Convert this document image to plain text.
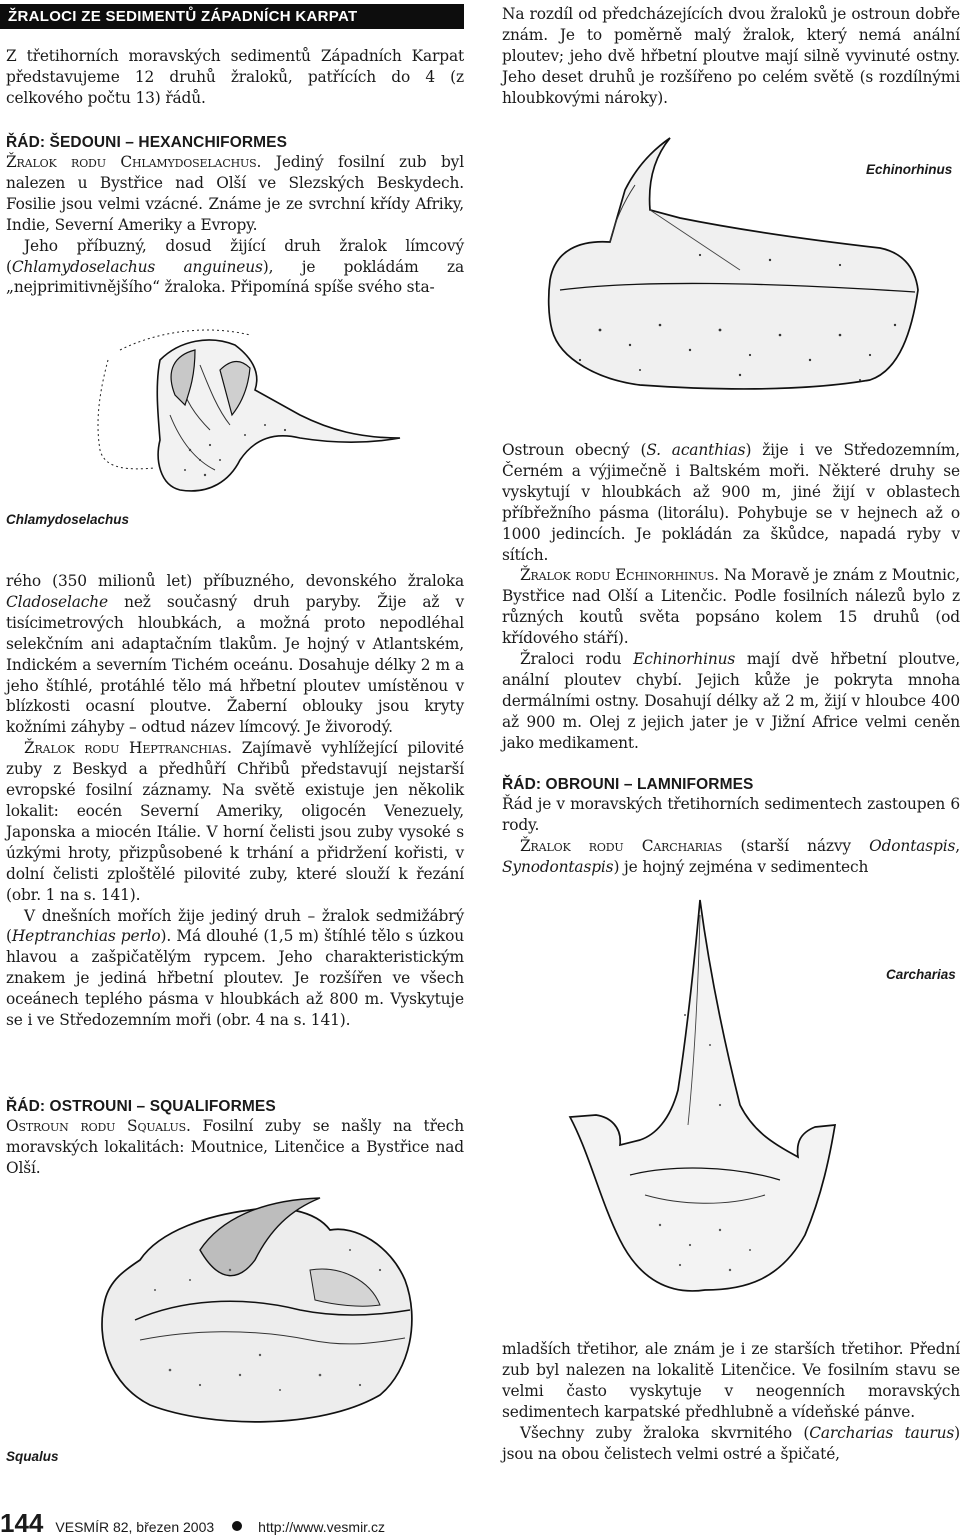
ŽRALOCI ZE SEDIMENTŮ ZÁPADNÍCH KARPAT

Z třetihorních moravských sedimentů Západních Karpat představujeme 12 druhů žraloků, patřících do 4 (z celkového počtu 13) řádů.

ŘÁD: ŠEDOUNI – HEXANCHIFORMES

Žralok rodu Chlamydoselachus. Jediný fosilní zub byl nalezen u Bystřice nad Olší ve Slezských Beskydech. Fosilie jsou velmi vzácné. Známe je ze svrchní křídy Afriky, Indie, Severní Ameriky a Evropy.

Jeho příbuzný, dosud žijící druh žralok límcový (Chlamydoselachus anguineus), je pokládám za „nejprimitivnějšího“ žraloka. Připomíná spíše svého sta-

Chlamydoselachus

rého (350 milionů let) příbuzného, devonského žraloka Cladoselache než současný druh paryby. Žije až v tisícimetrových hloubkách, a možná proto nepodléhal selekčním ani adaptačním tlakům. Je hojný v Atlantském, Indickém a severním Tichém oceánu. Dosahuje délky 2 m a jeho štíhlé, protáhlé tělo má hřbetní ploutev umístěnou v blízkosti ocasní ploutve. Žaberní oblouky jsou kryty kožními záhyby – odtud název límcový. Je živorodý.

Žralok rodu Heptranchias. Zajímavě vyhlížející pilovité zuby z Beskyd a předhůří Chřibů představují nejstarší evropské fosilní záznamy. Na světě existuje jen několik lokalit: eocén Severní Ameriky, oligocén Venezuely, Japonska a miocén Itálie. V horní čelisti jsou zuby vysoké s úzkými hroty, přizpůsobené k trhání a přidržení kořisti, v dolní čelisti zploštělé pilovité zuby, které slouží k řezání (obr. 1 na s. 141).

V dnešních mořích žije jediný druh – žralok sedmižábrý (Heptranchias perlo). Má dlouhé (1,5 m) štíhlé tělo s úzkou hlavou a zašpičatělým rypcem. Jeho charakteristickým znakem je jediná hřbetní ploutev. Je rozšířen ve všech oceánech teplého pásma v hloubkách až 800 m. Vyskytuje se i ve Středozemním moři (obr. 4 na s. 141).

ŘÁD: OSTROUNI – SQUALIFORMES

Ostroun rodu Squalus. Fosilní zuby se našly na třech moravských lokalitách: Moutnice, Litenčice a Bystřice nad Olší.

Squalus

Na rozdíl od předcházejících dvou žraloků je ostroun dobře znám. Je to poměrně malý žralok, který nemá anální ploutev; jeho dvě hřbetní ploutve mají silně vyvinuté ostny. Jeho deset druhů je rozšířeno po celém světě (s rozdílnými hloubkovými nároky).

Echinorhinus

Ostroun obecný (S. acanthias) žije i ve Středozemním, Černém a výjimečně i Baltském moři. Některé druhy se vyskytují v hloubkách až 900 m, jiné žijí v oblastech příbřežního pásma (litorálu). Pohybuje se v hejnech až o 1000 jedincích. Je pokládán za škůdce, napadá ryby v sítích.

Žralok rodu Echinorhinus. Na Moravě je znám z Moutnic, Bystřice nad Olší a Litenčic. Podle fosilních nálezů bylo z různých koutů světa popsáno kolem 15 druhů (od křídového stáří).

Žraloci rodu Echinorhinus mají dvě hřbetní ploutve, anální ploutev chybí. Jejich kůže je pokryta mnoha dermálními ostny. Dosahují délky až 2 m, žijí v hloubce 400 až 900 m. Olej z jejich jater je v Jižní Africe velmi ceněn jako medikament.

ŘÁD: OBROUNI – LAMNIFORMES

Řád je v moravských třetihorních sedimentech zastoupen 6 rody.

Žralok rodu Carcharias (starší názvy Odontaspis, Synodontaspis) je hojný zejména v sedimentech

Carcharias

mladších třetihor, ale znám je i ze starších třetihor. Přední zub byl nalezen na lokalitě Litenčice. Ve fosilním stavu se velmi často vyskytuje v neogenních moravských sedimentech karpatské předhlubně a vídeňské pánve.

Všechny zuby žraloka skvrnitého (Carcharias taurus) jsou na obou čelistech velmi ostré a špičaté,

144 VESMÍR 82, březen 2003	http://www.vesmir.cz
